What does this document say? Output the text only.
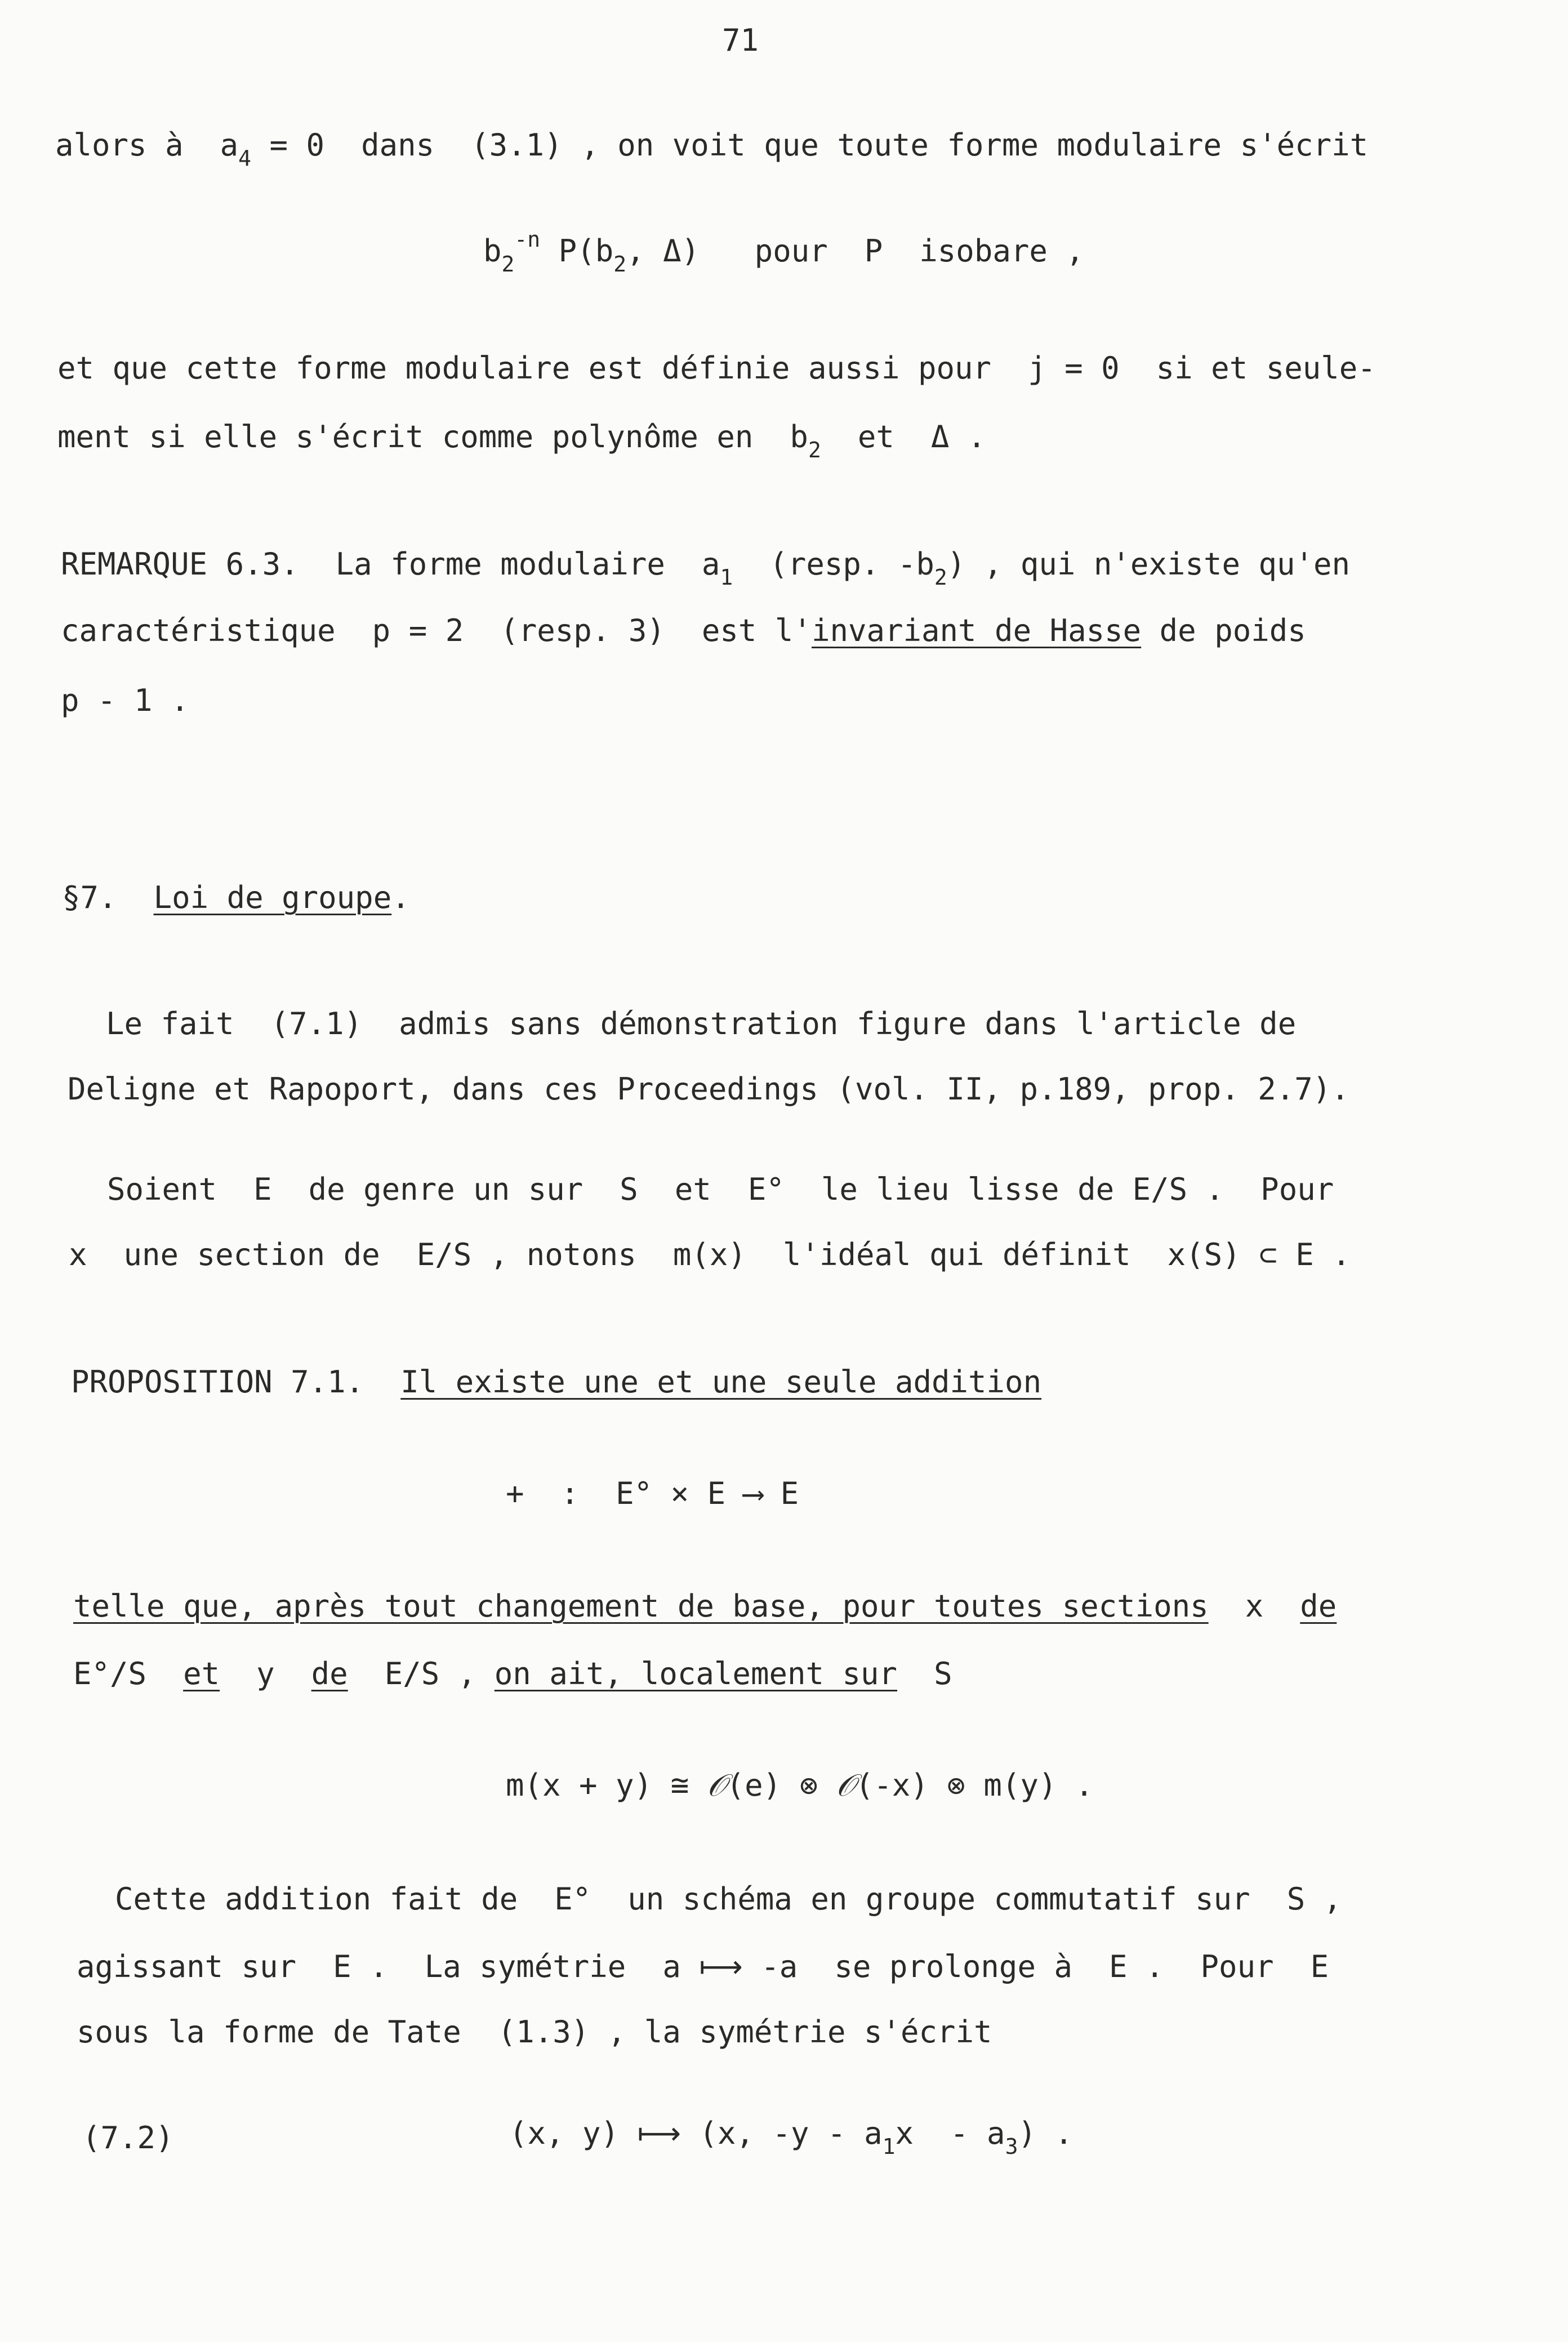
71
alors à  $a_4 = 0$  dans  (3.1) , on voit que toute forme modulaire s'écrit
$b_2^{-n}$ $P(b_2$, Δ)   pour  P  isobare ,
et que cette forme modulaire est définie aussi pour  j = 0  si et seule-
ment si elle s'écrit comme polynôme en  $b_2$  et  Δ .
REMARQUE 6.3.  La forme modulaire  $a_1$  (resp. $-b_2$) , qui n'existe qu'en
caractéristique  p = 2  (resp. 3)  est l'invariant de Hasse de poids
p - 1 .
§7.  Loi de groupe.
Le fait  (7.1)  admis sans démonstration figure dans l'article de
Deligne et Rapoport, dans ces Proceedings (vol. II, p.189, prop. 2.7).
Soient  E  de genre un sur  S  et  E°  le lieu lisse de E/S .  Pour
x  une section de  E/S , notons  m(x)  l'idéal qui définit  x(S) ⊂ E .
PROPOSITION 7.1.  Il existe une et une seule addition
+  :  E° × E ⟶ E
telle que, après tout changement de base, pour toutes sections  x  de
E°/S  et  y  de  E/S , on ait, localement sur  S
m(x + y) ≅ 𝒪(e) ⊗ 𝒪(-x) ⊗ m(y) .
Cette addition fait de  E°  un schéma en groupe commutatif sur  S ,
agissant sur  E .  La symétrie  a ⟼ -a  se prolonge à  E .  Pour  E
sous la forme de Tate  (1.3) , la symétrie s'écrit
(7.2)	(x, y) ⟼ (x, $-y - a_1x - a_3$) .
